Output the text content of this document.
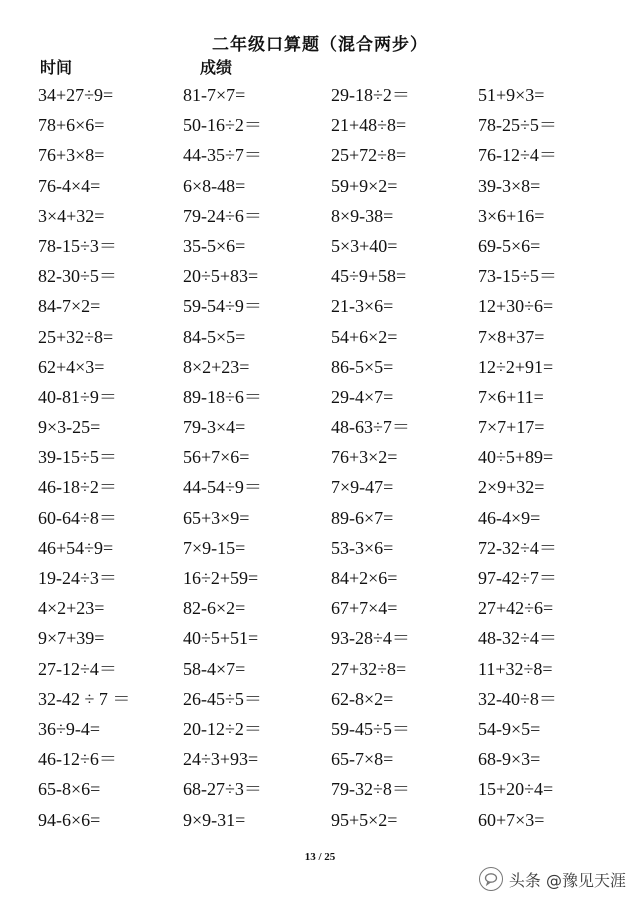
二年级口算题（混合两步）
时间	成绩
34+27÷9=	81-7×7=	29-18÷2＝	51+9×3=
78+6×6=	50-16÷2＝	21+48÷8=	78-25÷5＝
76+3×8=	44-35÷7＝	25+72÷8=	76-12÷4＝
76-4×4=	6×8-48=	59+9×2=	39-3×8=
3×4+32=	79-24÷6＝	8×9-38=	3×6+16=
78-15÷3＝	35-5×6=	5×3+40=	69-5×6=
82-30÷5＝	20÷5+83=	45÷9+58=	73-15÷5＝
84-7×2=	59-54÷9＝	21-3×6=	12+30÷6=
25+32÷8=	84-5×5=	54+6×2=	7×8+37=
62+4×3=	8×2+23=	86-5×5=	12÷2+91=
40-81÷9＝	89-18÷6＝	29-4×7=	7×6+11=
9×3-25=	79-3×4=	48-63÷7＝	7×7+17=
39-15÷5＝	56+7×6=	76+3×2=	40÷5+89=
46-18÷2＝	44-54÷9＝	7×9-47=	2×9+32=
60-64÷8＝	65+3×9=	89-6×7=	46-4×9=
46+54÷9=	7×9-15=	53-3×6=	72-32÷4＝
19-24÷3＝	16÷2+59=	84+2×6=	97-42÷7＝
4×2+23=	82-6×2=	67+7×4=	27+42÷6=
9×7+39=	40÷5+51=	93-28÷4＝	48-32÷4＝
27-12÷4＝	58-4×7=	27+32÷8=	11+32÷8=
32-42 ÷ 7 ＝	26-45÷5＝	62-8×2=	32-40÷8＝
36÷9-4=	20-12÷2＝	59-45÷5＝	54-9×5=
46-12÷6＝	24÷3+93=	65-7×8=	68-9×3=
65-8×6=	68-27÷3＝	79-32÷8＝	15+20÷4=
94-6×6=	9×9-31=	95+5×2=	60+7×3=
13 / 25
头条 @豫见天涯
